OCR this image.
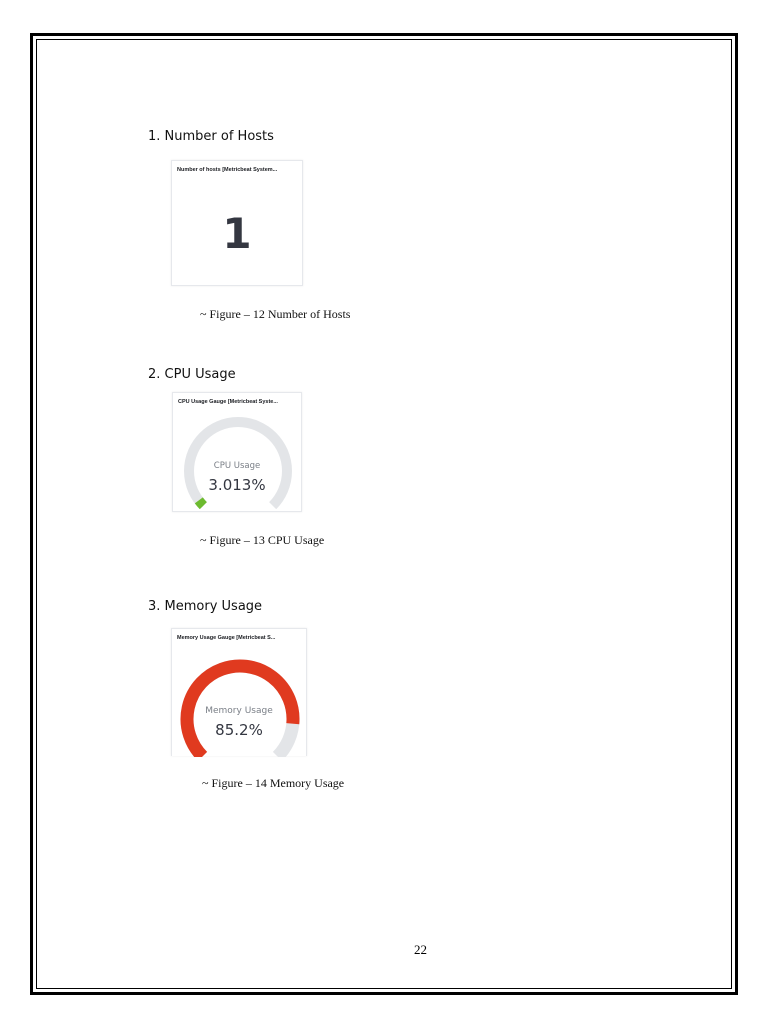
1. Number of Hosts
Number of hosts [Metricbeat System...
1
~ Figure – 12 Number of Hosts
2. CPU Usage
CPU Usage Gauge [Metricbeat Syste...
CPU Usage
3.013%
~ Figure – 13 CPU Usage
3. Memory Usage
Memory Usage Gauge [Metricbeat S...
Memory Usage
85.2%
~ Figure – 14 Memory Usage
22
